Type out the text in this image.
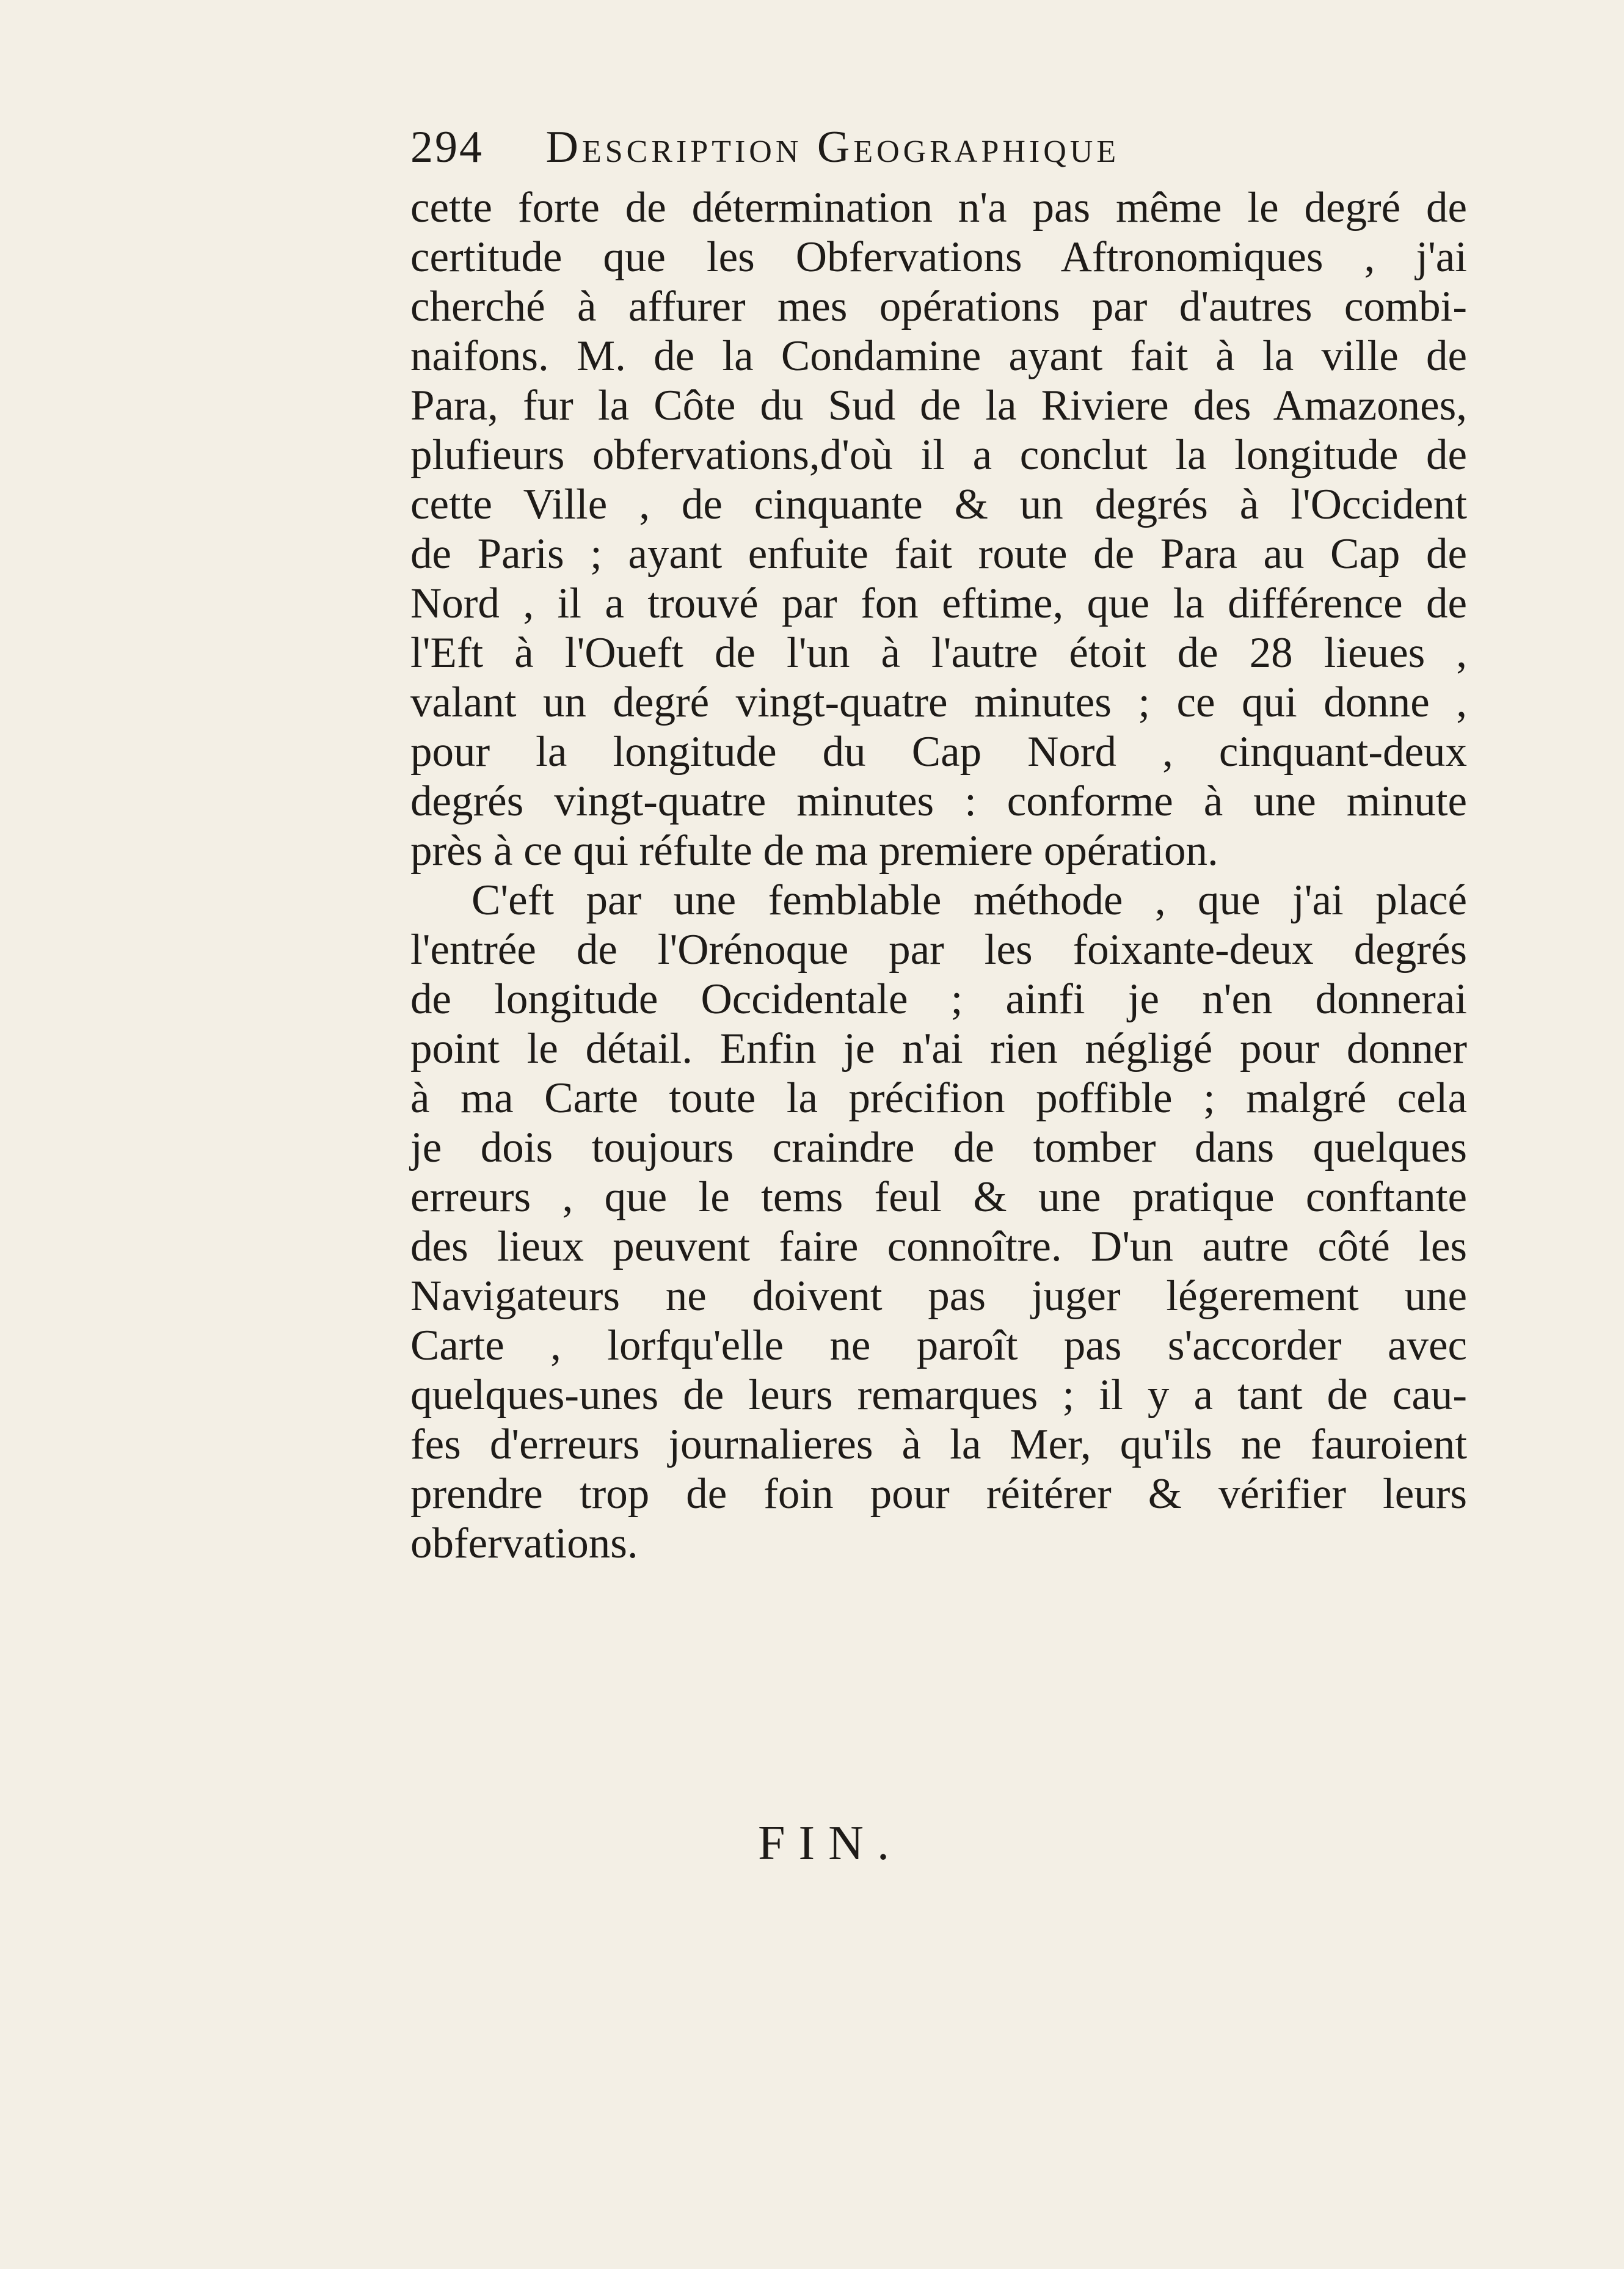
294 Description Geographique
cette forte de détermination n'a pas même le degré de
certitude que les Obfervations Aftronomiques , j'ai
cherché à affurer mes opérations par d'autres combi-
naifons. M. de la Condamine ayant fait à la ville de
Para, fur la Côte du Sud de la Riviere des Amazones,
plufieurs obfervations,d'où il a conclut la longitude de
cette Ville , de cinquante & un degrés à l'Occident
de Paris ; ayant enfuite fait route de Para au Cap de
Nord , il a trouvé par fon eftime, que la différence de
l'Eft à l'Oueft de l'un à l'autre étoit de 28 lieues ,
valant un degré vingt-quatre minutes ; ce qui donne ,
pour la longitude du Cap Nord , cinquant-deux
degrés vingt-quatre minutes : conforme à une minute
près à ce qui réfulte de ma premiere opération.
C'eft par une femblable méthode , que j'ai placé
l'entrée de l'Orénoque par les foixante-deux degrés
de longitude Occidentale ; ainfi je n'en donnerai
point le détail. Enfin je n'ai rien négligé pour donner
à ma Carte toute la précifion poffible ; malgré cela
je dois toujours craindre de tomber dans quelques
erreurs , que le tems feul & une pratique conftante
des lieux peuvent faire connoître. D'un autre côté les
Navigateurs ne doivent pas juger légerement une
Carte , lorfqu'elle ne paroît pas s'accorder avec
quelques-unes de leurs remarques ; il y a tant de cau-
fes d'erreurs journalieres à la Mer, qu'ils ne fauroient
prendre trop de foin pour réitérer & vérifier leurs
obfervations.
FIN.
